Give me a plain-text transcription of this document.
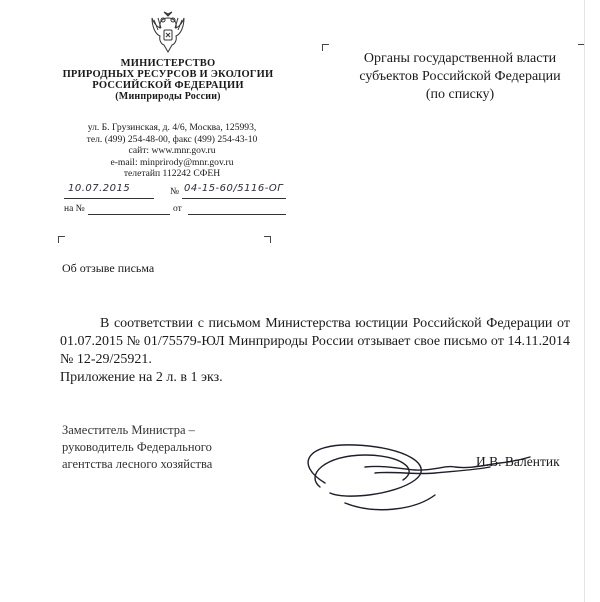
МИНИСТЕРСТВО
ПРИРОДНЫХ РЕСУРСОВ И ЭКОЛОГИИ
РОССИЙСКОЙ ФЕДЕРАЦИИ
(Минприроды России)
ул. Б. Грузинская, д. 4/6, Москва, 125993,
тел. (499) 254-48-00, факс (499) 254-43-10
сайт: www.mnr.gov.ru
e-mail: minprirody@mnr.gov.ru
телетайп 112242 СФЕН
10.07.2015	№ 04-15-60/5116-ОГ
на №	от
Органы государственной власти
субъектов Российской Федерации
(по списку)
Об отзыве письма

В соответствии с письмом Министерства юстиции Российской Федерации от 01.07.2015 № 01/75579-ЮЛ Минприроды России отзывает свое письмо от 14.11.2014 № 12-29/25921.

Приложение на 2 л. в 1 экз.

Заместитель Министра –
руководитель Федерального
агентства лесного хозяйства	И.В. Валентик
